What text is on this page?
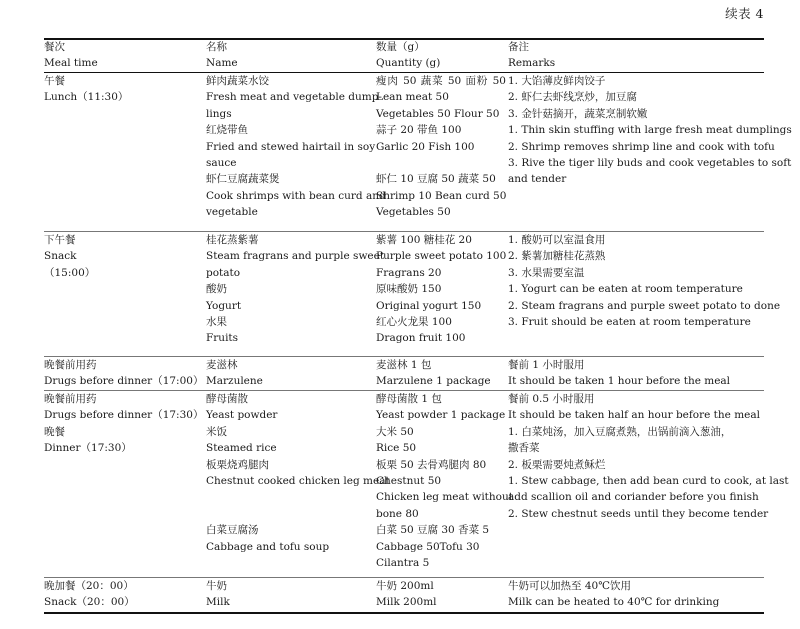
续表 4
餐次
Meal time
名称
Name
数量（g）
Quantity (g)
备注
Remarks
午餐
Lunch（11:30）
鲜肉蔬菜水饺
Fresh meat and vegetable dump-
lings
红烧带鱼
Fried and stewed hairtail in soy
sauce
虾仁豆腐蔬菜煲
Cook shrimps with bean curd and
vegetable
瘦肉 50 蔬菜 50 面粉 50
Lean meat 50
Vegetables 50 Flour 50
蒜子 20 带鱼 100
Garlic 20 Fish 100
虾仁 10 豆腐 50 蔬菜 50
Shrimp 10 Bean curd 50
Vegetables 50
1. 大馅薄皮鲜肉饺子
2. 虾仁去虾线烹炒，加豆腐
3. 金针菇摘开，蔬菜烹制软嫩
1. Thin skin stuffing with large fresh meat dumplings
2. Shrimp removes shrimp line and cook with tofu
3. Rive the tiger lily buds and cook vegetables to soft
and tender
下午餐
Snack
（15:00）
桂花蒸紫薯
Steam fragrans and purple sweet
potato
酸奶
Yogurt
水果
Fruits
紫薯 100 糖桂花 20
Purple sweet potato 100
Fragrans 20
原味酸奶 150
Original yogurt 150
红心火龙果 100
Dragon fruit 100
1. 酸奶可以室温食用
2. 紫薯加糖桂花蒸熟
3. 水果需要室温
1. Yogurt can be eaten at room temperature
2. Steam fragrans and purple sweet potato to done
3. Fruit should be eaten at room temperature
晚餐前用药
Drugs before dinner（17:00）
麦滋林
Marzulene
麦滋林 1 包
Marzulene 1 package
餐前 1 小时服用
It should be taken 1 hour before the meal
晚餐前用药
Drugs before dinner（17:30）
晚餐
Dinner（17:30）
酵母菌散
Yeast powder
米饭
Steamed rice
板栗烧鸡腿肉
Chestnut cooked chicken leg meat
白菜豆腐汤
Cabbage and tofu soup
酵母菌散 1 包
Yeast powder 1 package
大米 50
Rice 50
板栗 50 去骨鸡腿肉 80
Chestnut 50
Chicken leg meat without
bone 80
白菜 50 豆腐 30 香菜 5
Cabbage 50Tofu 30
Cilantra 5
餐前 0.5 小时服用
It should be taken half an hour before the meal
1. 白菜炖汤，加入豆腐煮熟，出锅前滴入葱油，
撒香菜
2. 板栗需要炖煮稣烂
1. Stew cabbage, then add bean curd to cook, at last
add scallion oil and coriander before you finish
2. Stew chestnut seeds until they become tender
晚加餐（20：00）
Snack（20：00）
牛奶
Milk
牛奶 200ml
Milk 200ml
牛奶可以加热至 40℃饮用
Milk can be heated to 40℃ for drinking
